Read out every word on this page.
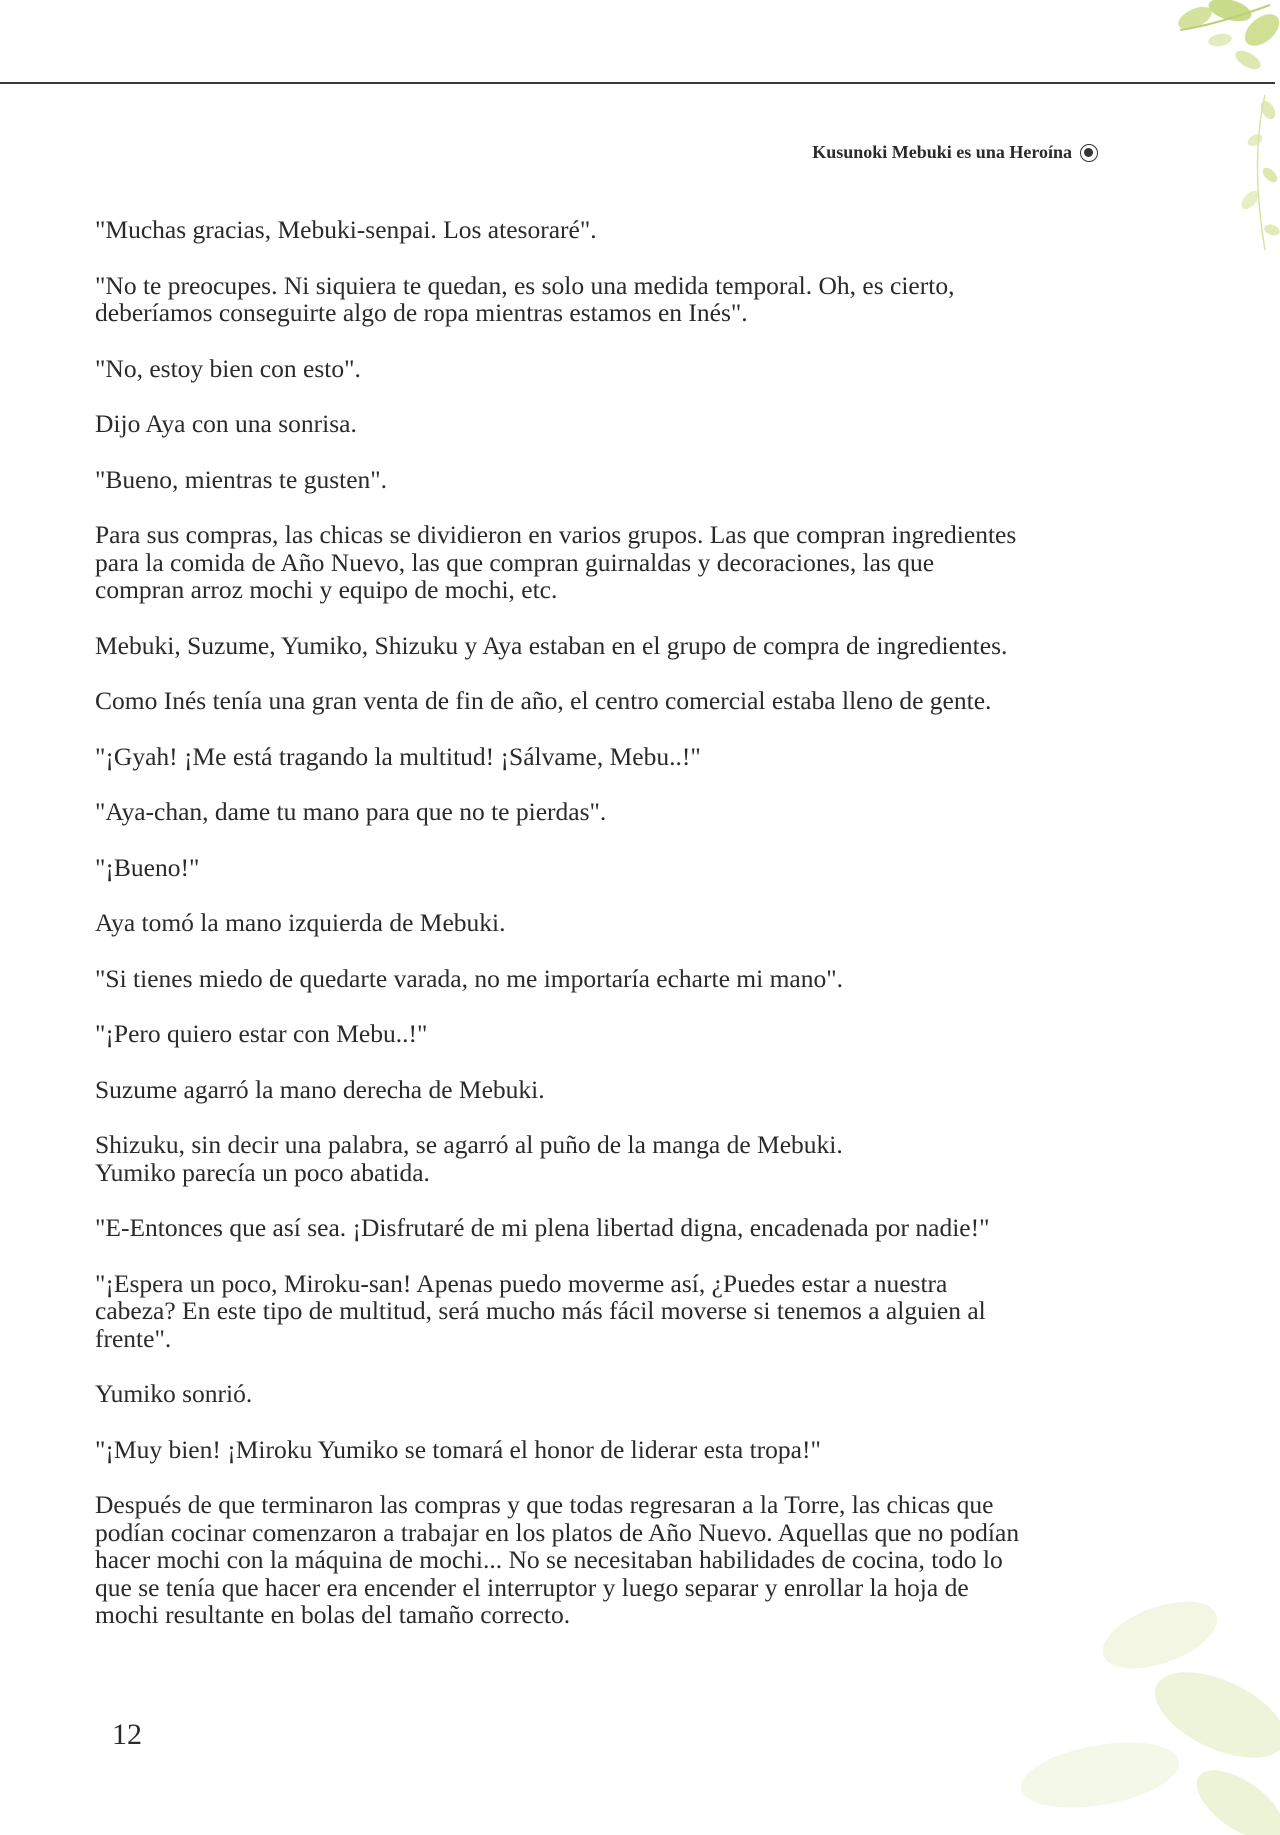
Kusunoki Mebuki es una Heroína

"Muchas gracias, Mebuki-senpai. Los atesoraré".

"No te preocupes. Ni siquiera te quedan, es solo una medida temporal. Oh, es cierto,
deberíamos conseguirte algo de ropa mientras estamos en Inés".

"No, estoy bien con esto".

Dijo Aya con una sonrisa.

"Bueno, mientras te gusten".

Para sus compras, las chicas se dividieron en varios grupos. Las que compran ingredientes
para la comida de Año Nuevo, las que compran guirnaldas y decoraciones, las que
compran arroz mochi y equipo de mochi, etc.

Mebuki, Suzume, Yumiko, Shizuku y Aya estaban en el grupo de compra de ingredientes.

Como Inés tenía una gran venta de fin de año, el centro comercial estaba lleno de gente.

"¡Gyah! ¡Me está tragando la multitud! ¡Sálvame, Mebu..!"

"Aya-chan, dame tu mano para que no te pierdas".

"¡Bueno!"

Aya tomó la mano izquierda de Mebuki.

"Si tienes miedo de quedarte varada, no me importaría echarte mi mano".

"¡Pero quiero estar con Mebu..!"

Suzume agarró la mano derecha de Mebuki.

Shizuku, sin decir una palabra, se agarró al puño de la manga de Mebuki.
Yumiko parecía un poco abatida.

"E-Entonces que así sea. ¡Disfrutaré de mi plena libertad digna, encadenada por nadie!"

"¡Espera un poco, Miroku-san! Apenas puedo moverme así, ¿Puedes estar a nuestra
cabeza? En este tipo de multitud, será mucho más fácil moverse si tenemos a alguien al
frente".

Yumiko sonrió.

"¡Muy bien! ¡Miroku Yumiko se tomará el honor de liderar esta tropa!"

Después de que terminaron las compras y que todas regresaran a la Torre, las chicas que
podían cocinar comenzaron a trabajar en los platos de Año Nuevo. Aquellas que no podían
hacer mochi con la máquina de mochi... No se necesitaban habilidades de cocina, todo lo
que se tenía que hacer era encender el interruptor y luego separar y enrollar la hoja de
mochi resultante en bolas del tamaño correcto.

12
